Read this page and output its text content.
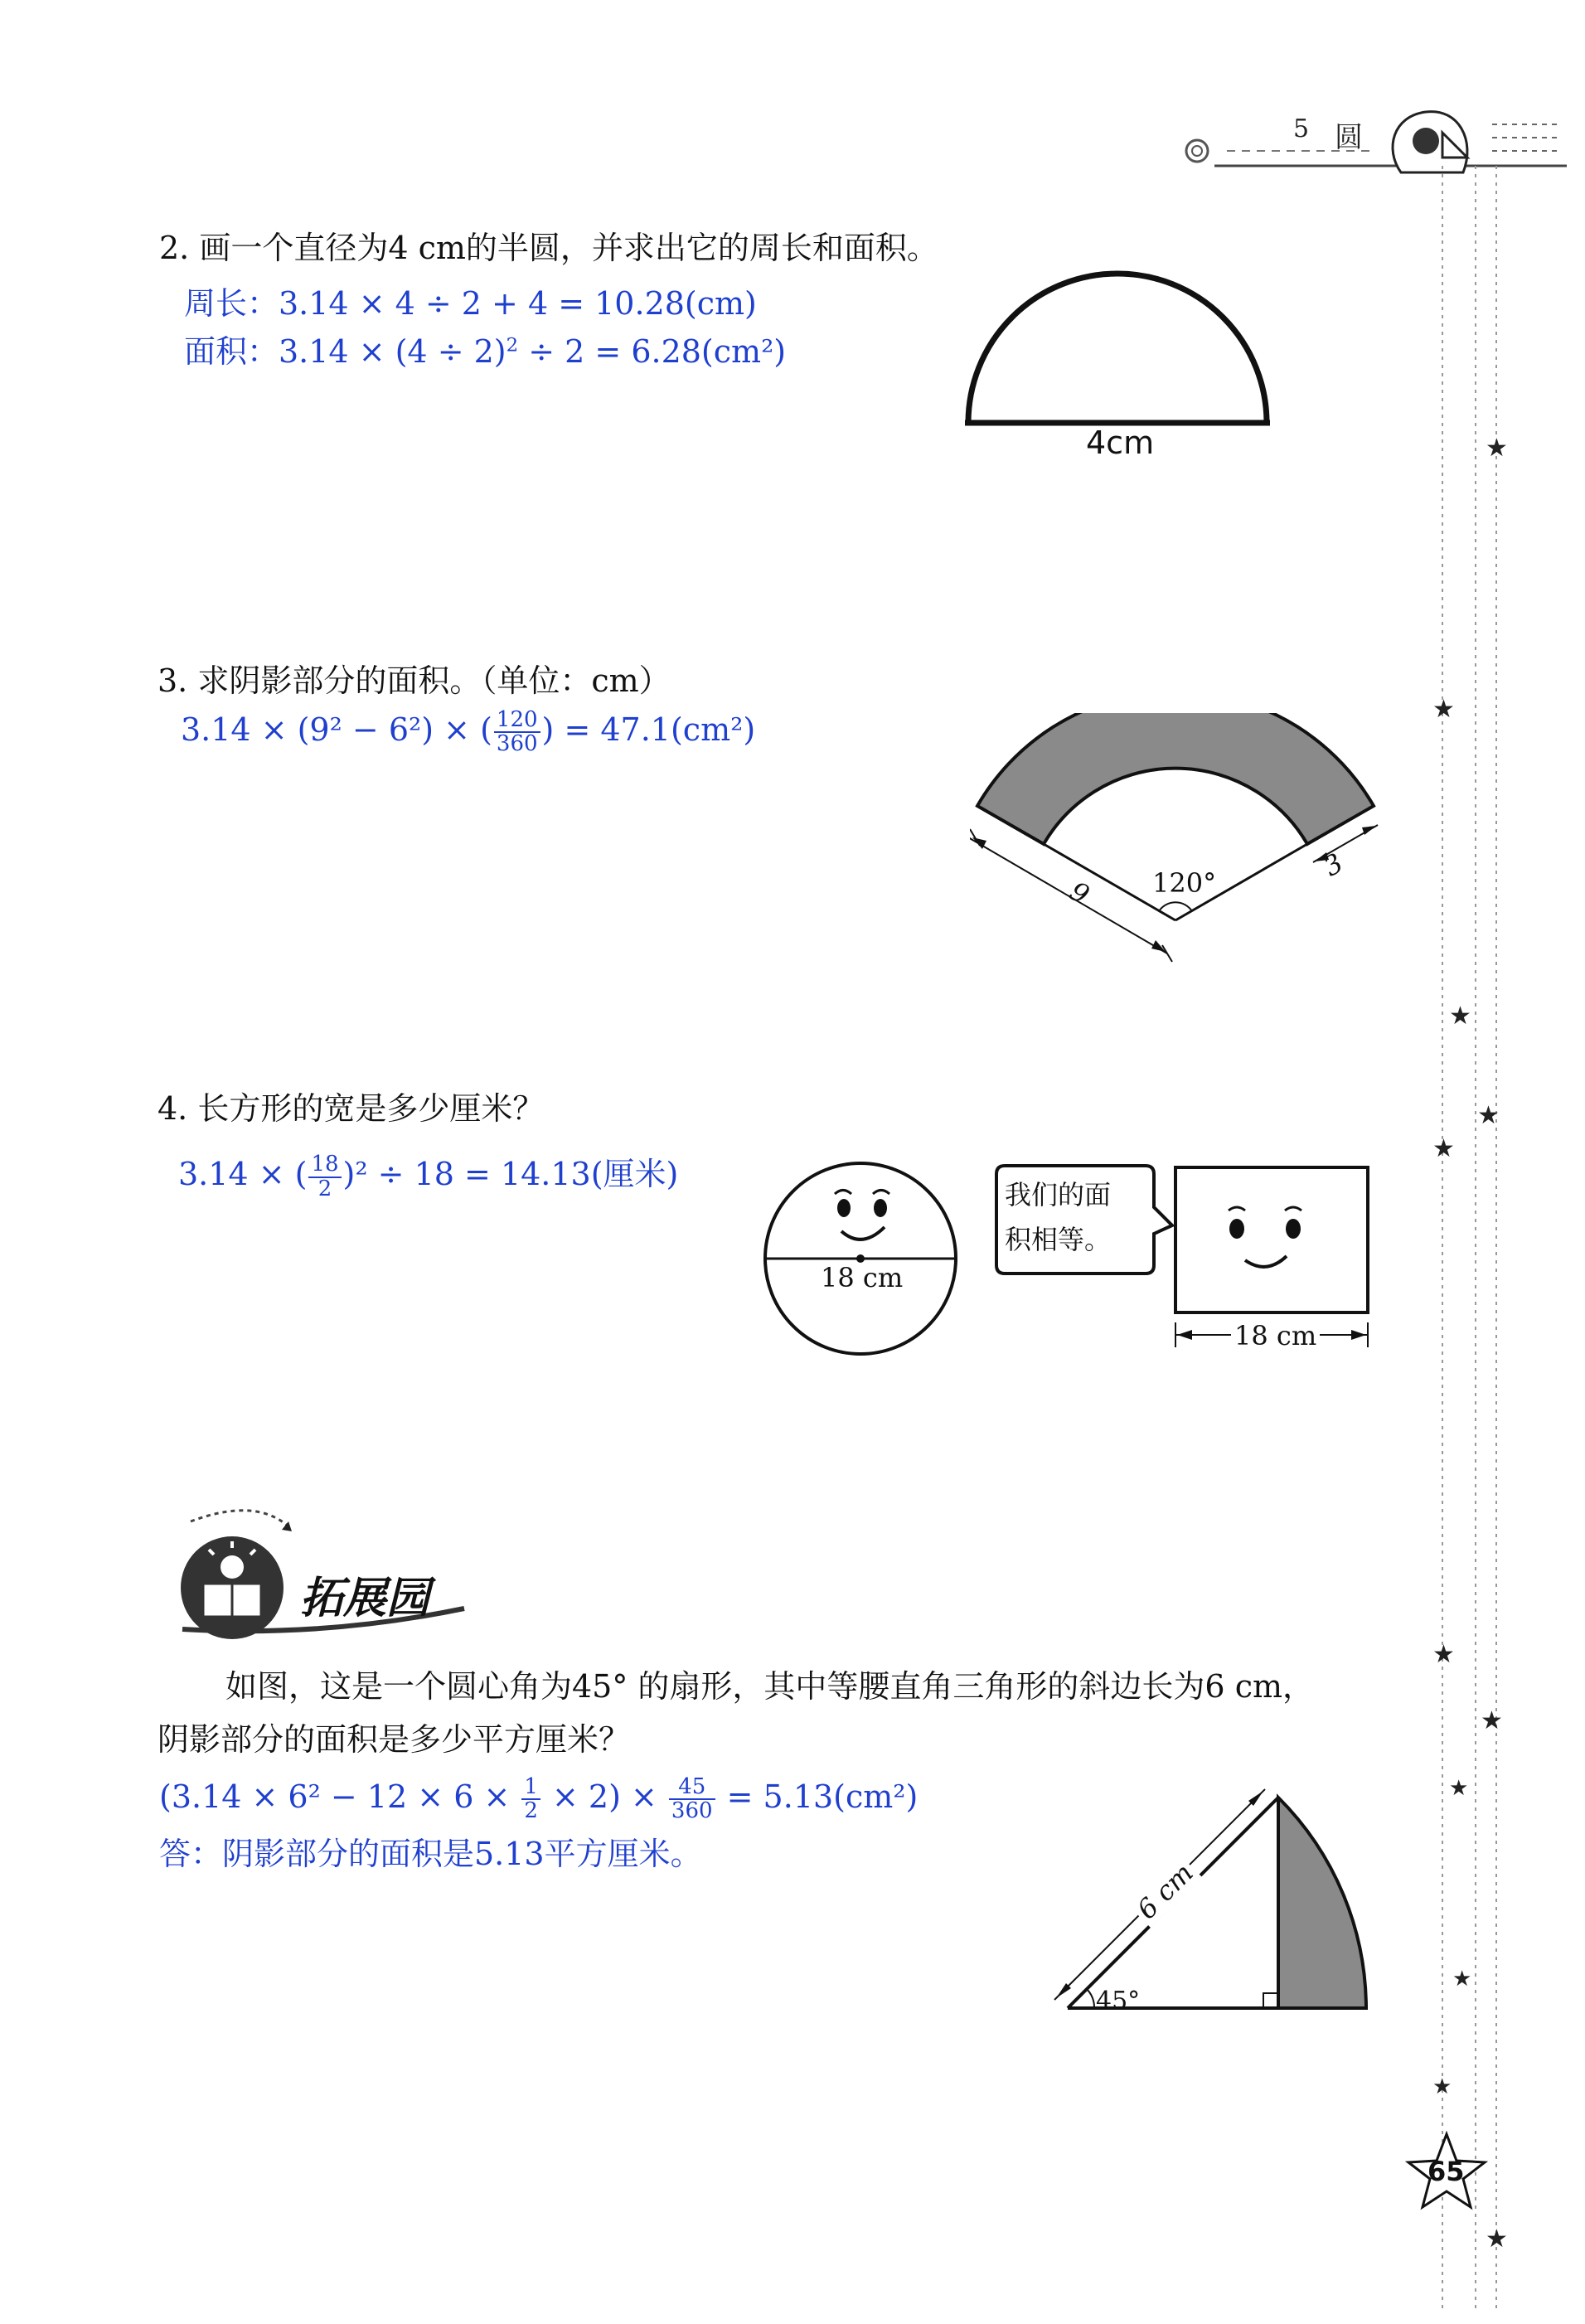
5 圆
★
★
★
★
★
★
★
★
★
★
★
2. 画一个直径为4 cm的半圆，并求出它的周长和面积。
周长：3.14 × 4 ÷ 2 + 4 = 10.28(cm)
面积：$3.14 \times (4 \div 2)^2 \div 2 = 6.28(cm^2)$
4cm
3. 求阴影部分的面积。（单位：cm）
3.14 × (9² − 6²) × ( $\frac{120}{360}$ ) = 47.1(cm²)
120°
9
3
4. 长方形的宽是多少厘米？
3.14 × ( $\frac{18}{2} )^2 \div 18 = 14.13$(厘米)
18 cm
我们的面
积相等。
18 cm
拓展园
如图，这是一个圆心角为45° 的扇形，其中等腰直角三角形的斜边长为6 cm，
阴影部分的面积是多少平方厘米？
$(3.14 \times 6^2 - 12 \times 6 \times \frac{1}{2} \times 2) \times \frac{45}{360} = 5.13(cm^2)$
答：阴影部分的面积是5.13平方厘米。
6 cm
45°
65
